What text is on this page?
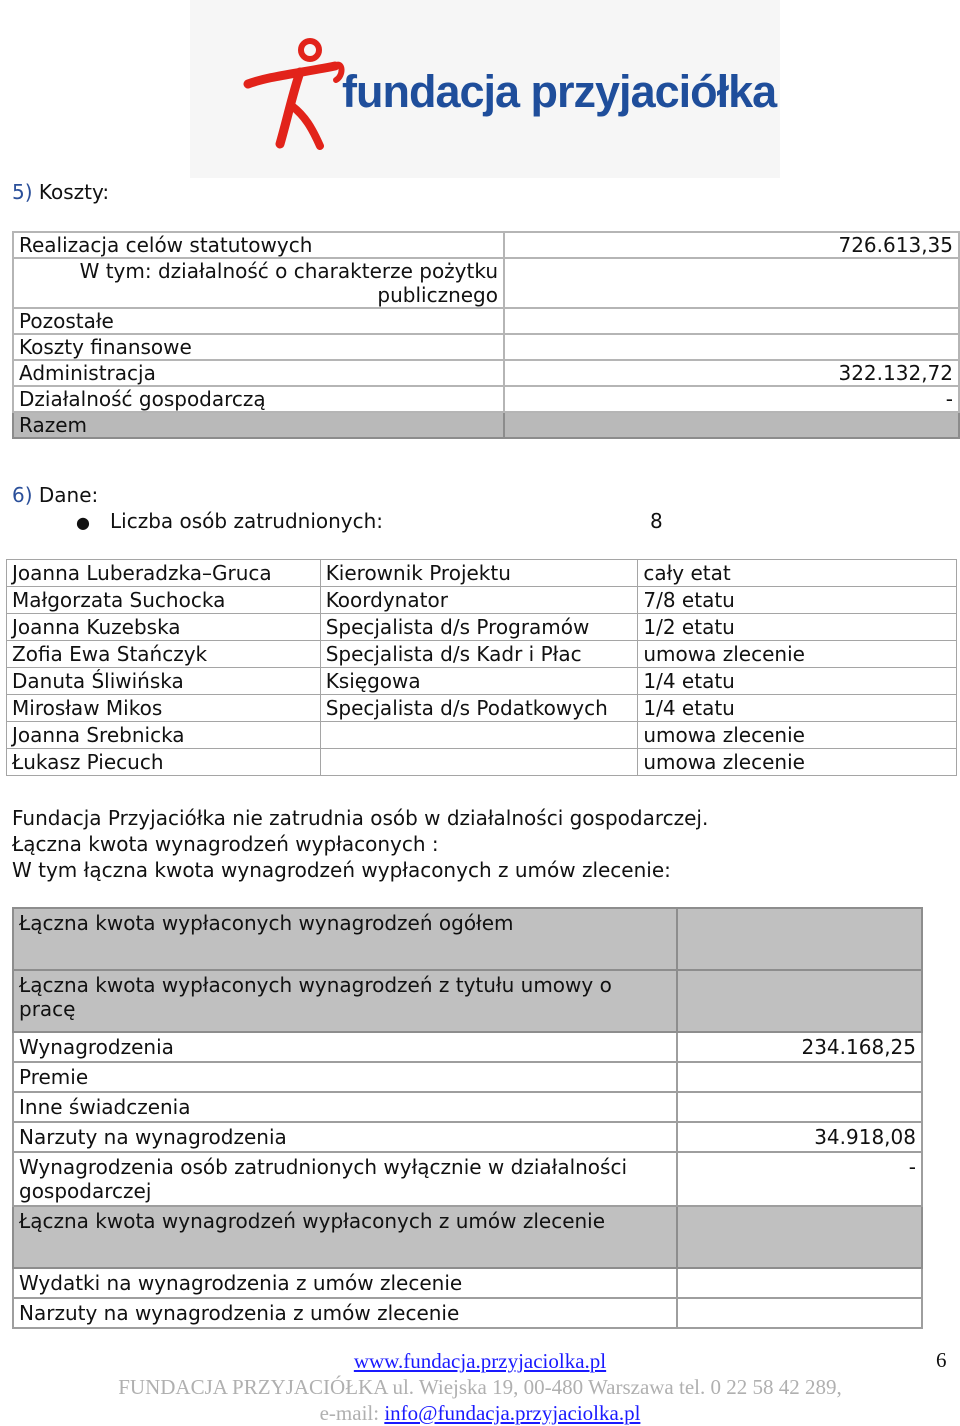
fundacja przyjaciółka
5) Koszty:
Realizacja celów statutowych	726.613,35
W tym: działalność o charakterze pożytku publicznego	
Pozostałe	
Koszty finansowe	
Administracja	322.132,72
Działalność gospodarczą	-
Razem	
6) Dane:
● Liczba osób zatrudnionych:	8
Joanna Luberadzka–Gruca	Kierownik Projektu	cały etat
Małgorzata Suchocka	Koordynator	7/8 etatu
Joanna Kuzebska	Specjalista d/s Programów	1/2 etatu
Zofia Ewa Stańczyk	Specjalista d/s Kadr i Płac	umowa zlecenie
Danuta Śliwińska	Księgowa	1/4 etatu
Mirosław Mikos	Specjalista d/s Podatkowych	1/4 etatu
Joanna Srebnicka		umowa zlecenie
Łukasz Piecuch		umowa zlecenie
Fundacja Przyjaciółka nie zatrudnia osób w działalności gospodarczej.
Łączna kwota wynagrodzeń wypłaconych :
W tym łączna kwota wynagrodzeń wypłaconych z umów zlecenie:
Łączna kwota wypłaconych wynagrodzeń ogółem	
Łączna kwota wypłaconych wynagrodzeń z tytułu umowy o pracę	
Wynagrodzenia	234.168,25
Premie	
Inne świadczenia	
Narzuty na wynagrodzenia	34.918,08
Wynagrodzenia osób zatrudnionych wyłącznie w działalności gospodarczej	-
Łączna kwota wynagrodzeń wypłaconych z umów zlecenie	
Wydatki na wynagrodzenia z umów zlecenie	
Narzuty na wynagrodzenia z umów zlecenie	
www.fundacja.przyjaciolka.pl
FUNDACJA PRZYJACIÓŁKA ul. Wiejska 19, 00-480 Warszawa tel. 0 22 58 42 289,
e-mail: info@fundacja.przyjaciolka.pl
6
